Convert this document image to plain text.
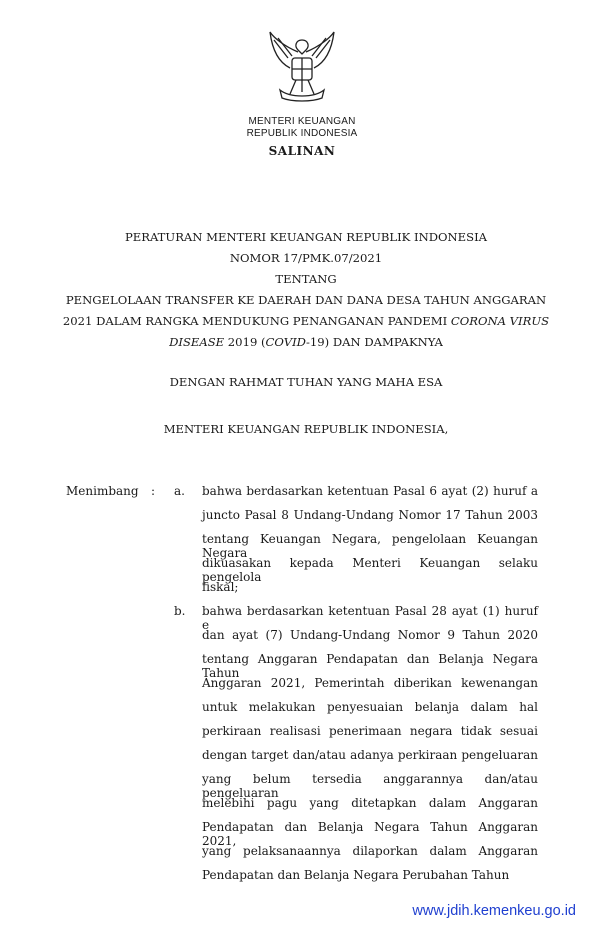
MENTERI KEUANGAN
REPUBLIK INDONESIA
SALINAN
PERATURAN MENTERI KEUANGAN REPUBLIK INDONESIA
NOMOR 17/PMK.07/2021
TENTANG
PENGELOLAAN TRANSFER KE DAERAH DAN DANA DESA TAHUN ANGGARAN
2021 DALAM RANGKA MENDUKUNG PENANGANAN PANDEMI CORONA VIRUS
DISEASE 2019 (COVID-19) DAN DAMPAKNYA
DENGAN RAHMAT TUHAN YANG MAHA ESA
MENTERI KEUANGAN REPUBLIK INDONESIA,
Menimbang : a.
b.
bahwa berdasarkan ketentuan Pasal 6 ayat (2) huruf a
juncto Pasal 8 Undang-Undang Nomor 17 Tahun 2003
tentang Keuangan Negara, pengelolaan Keuangan Negara
dikuasakan kepada Menteri Keuangan selaku pengelola
fiskal;
bahwa berdasarkan ketentuan Pasal 28 ayat (1) huruf e
dan ayat (7) Undang-Undang Nomor 9 Tahun 2020
tentang Anggaran Pendapatan dan Belanja Negara Tahun
Anggaran 2021, Pemerintah diberikan kewenangan
untuk melakukan penyesuaian belanja dalam hal
perkiraan realisasi penerimaan negara tidak sesuai
dengan target dan/atau adanya perkiraan pengeluaran
yang belum tersedia anggarannya dan/atau pengeluaran
melebihi pagu yang ditetapkan dalam Anggaran
Pendapatan dan Belanja Negara Tahun Anggaran 2021,
yang pelaksanaannya dilaporkan dalam Anggaran
Pendapatan dan Belanja Negara Perubahan Tahun
www.jdih.kemenkeu.go.id
